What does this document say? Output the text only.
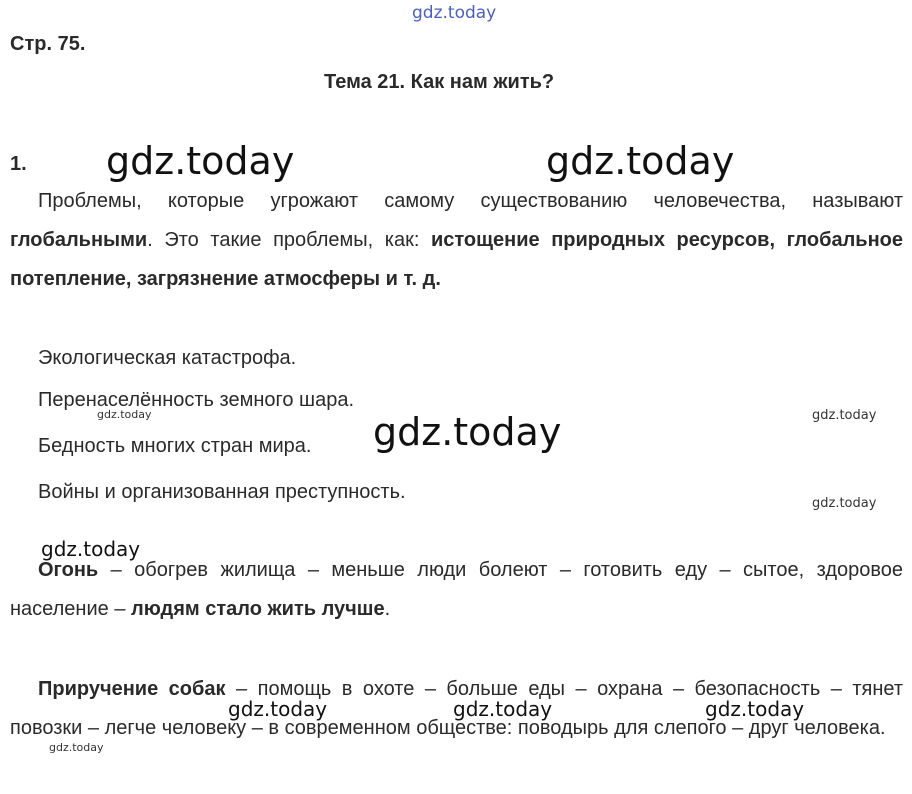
gdz.today
Стр. 75.
Тема 21. Как нам жить?
1.
Проблемы, которые угрожают самому существованию человечества, называют глобальными. Это такие проблемы, как: истощение природных ресурсов, глобальное потепление, загрязнение атмосферы и т. д.
Экологическая катастрофа.
Перенаселённость земного шара.
Бедность многих стран мира.
Войны и организованная преступность.
Огонь – обогрев жилища – меньше люди болеют – готовить еду – сытое, здоровое население – людям стало жить лучше.
Приручение собак – помощь в охоте – больше еды – охрана – безопасность – тянет повозки – легче человеку – в современном обществе: поводырь для слепого – друг человека.
gdz.today	gdz.today
gdz.today
gdz.today
gdz.today	gdz.today	gdz.today
gdz.today
gdz.today
gdz.today
gdz.today
